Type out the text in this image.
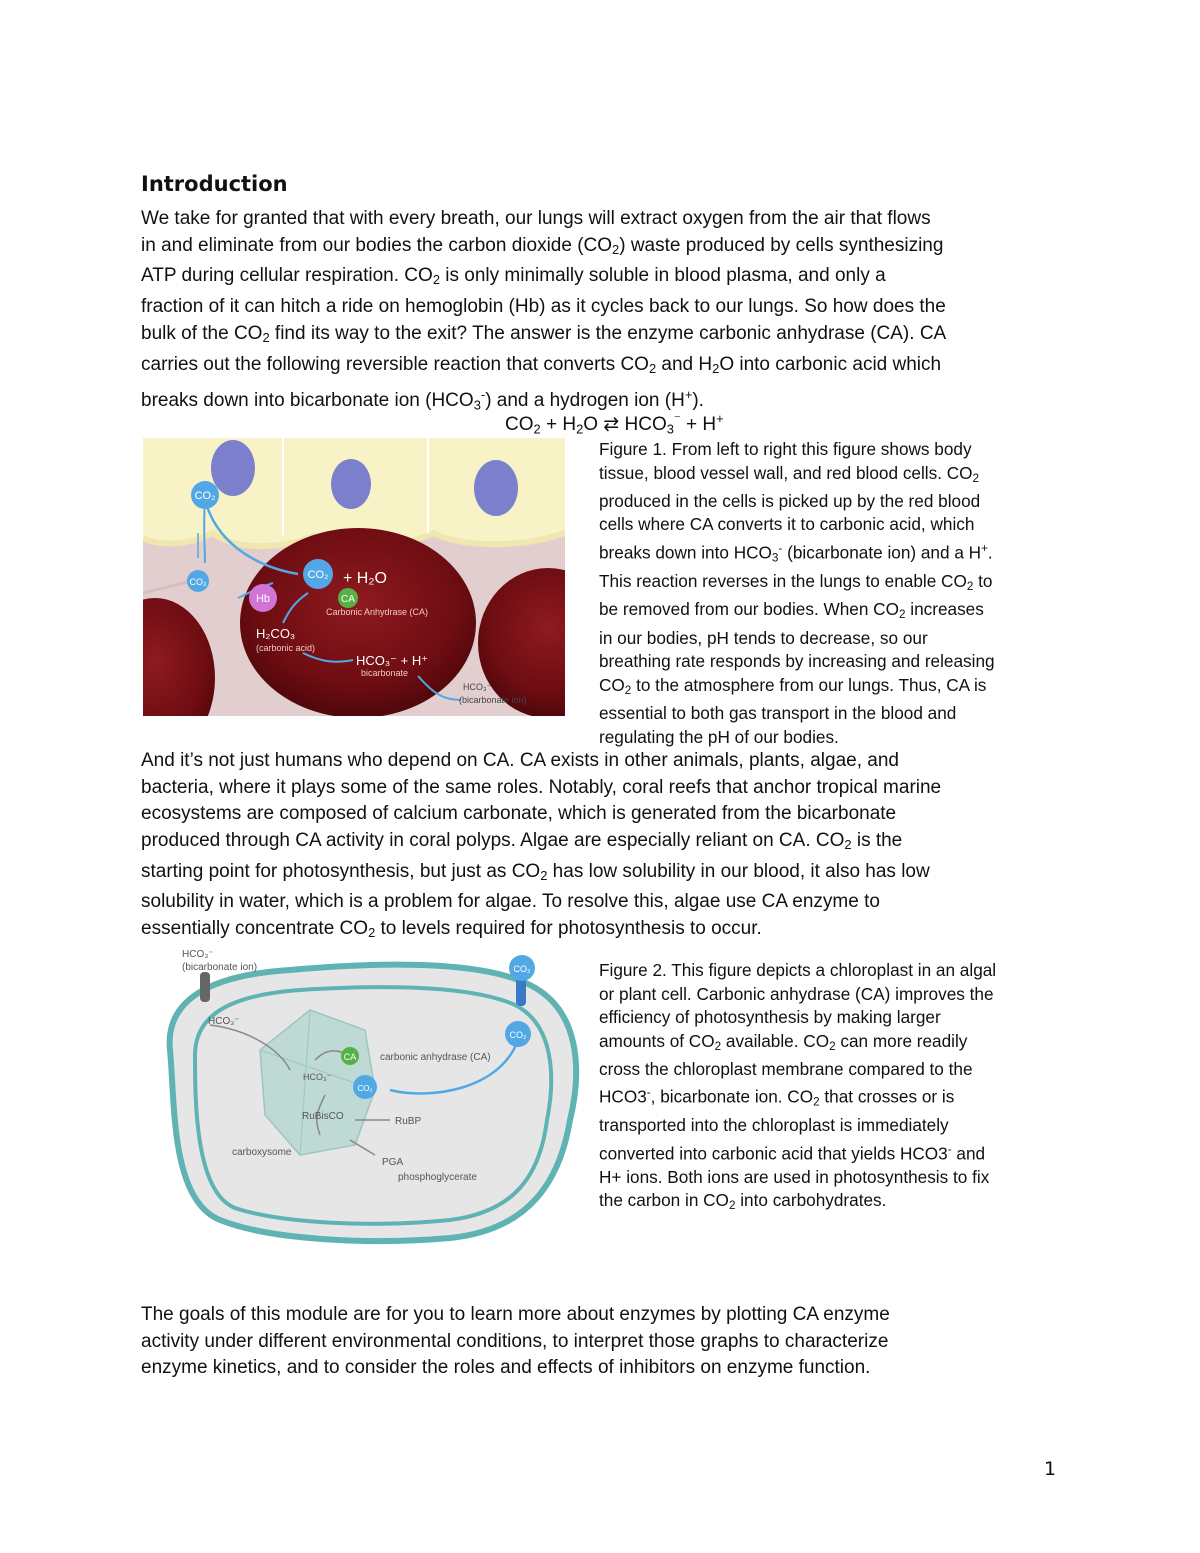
Introduction
We take for granted that with every breath, our lungs will extract oxygen from the air that flows
in and eliminate from our bodies the carbon dioxide $(CO_2)$ waste produced by cells synthesizing
ATP during cellular respiration. $CO_2$ is only minimally soluble in blood plasma, and only a
fraction of it can hitch a ride on hemoglobin (Hb) as it cycles back to our lungs. So how does the
bulk of the $CO_2$ find its way to the exit? The answer is the enzyme carbonic anhydrase (CA). CA
carries out the following reversible reaction that converts $CO_2$ and $H_2O$ into carbonic acid which
breaks down into bicarbonate ion $(HCO_3^-)$ and a hydrogen ion (H+).
$CO_2 + H_2O$ ⇄ $HCO_3^{^-} + H^+$
CO₂
CO₂
CO₂ + H₂O
CA
Hb
Carbonic Anhydrase (CA)
H₂CO₃
(carbonic acid)
HCO₃⁻ + H⁺
bicarbonate
HCO₃⁻
(bicarbonate ion)
Figure 1. From left to right this figure shows body
tissue, blood vessel wall, and red blood cells. $CO_2$
produced in the cells is picked up by the red blood
cells where CA converts it to carbonic acid, which
breaks down into $HCO_3^-$ (bicarbonate ion) and a H+.
This reaction reverses in the lungs to enable $CO_2$ to
be removed from our bodies. When $CO_2$ increases
in our bodies, pH tends to decrease, so our
breathing rate responds by increasing and releasing
$CO_2$ to the atmosphere from our lungs. Thus, CA is
essential to both gas transport in the blood and
regulating the pH of our bodies.
And it’s not just humans who depend on CA. CA exists in other animals, plants, algae, and
bacteria, where it plays some of the same roles. Notably, coral reefs that anchor tropical marine
ecosystems are composed of calcium carbonate, which is generated from the bicarbonate
produced through CA activity in coral polyps. Algae are especially reliant on CA. $CO_2$ is the
starting point for photosynthesis, but just as $CO_2$ has low solubility in our blood, it also has low
solubility in water, which is a problem for algae. To resolve this, algae use CA enzyme to
essentially concentrate $CO_2$ to levels required for photosynthesis to occur.
HCO₃⁻
(bicarbonate ion)	CO₂
CO₂
HCO₃⁻
HCO₃⁻
CA carbonic anhydrase (CA)
CO₂
RuBisCO	RuBP
carboxysome
PGA
phosphoglycerate
Figure 2. This figure depicts a chloroplast in an algal
or plant cell. Carbonic anhydrase (CA) improves the
efficiency of photosynthesis by making larger
amounts of $CO_2$ available. $CO_2$ can more readily
cross the chloroplast membrane compared to the
HCO3-, bicarbonate ion. $CO_2$ that crosses or is
transported into the chloroplast is immediately
converted into carbonic acid that yields HCO3- and
H+ ions. Both ions are used in photosynthesis to fix
the carbon in $CO_2$ into carbohydrates.
The goals of this module are for you to learn more about enzymes by plotting CA enzyme
activity under different environmental conditions, to interpret those graphs to characterize
enzyme kinetics, and to consider the roles and effects of inhibitors on enzyme function.
1
